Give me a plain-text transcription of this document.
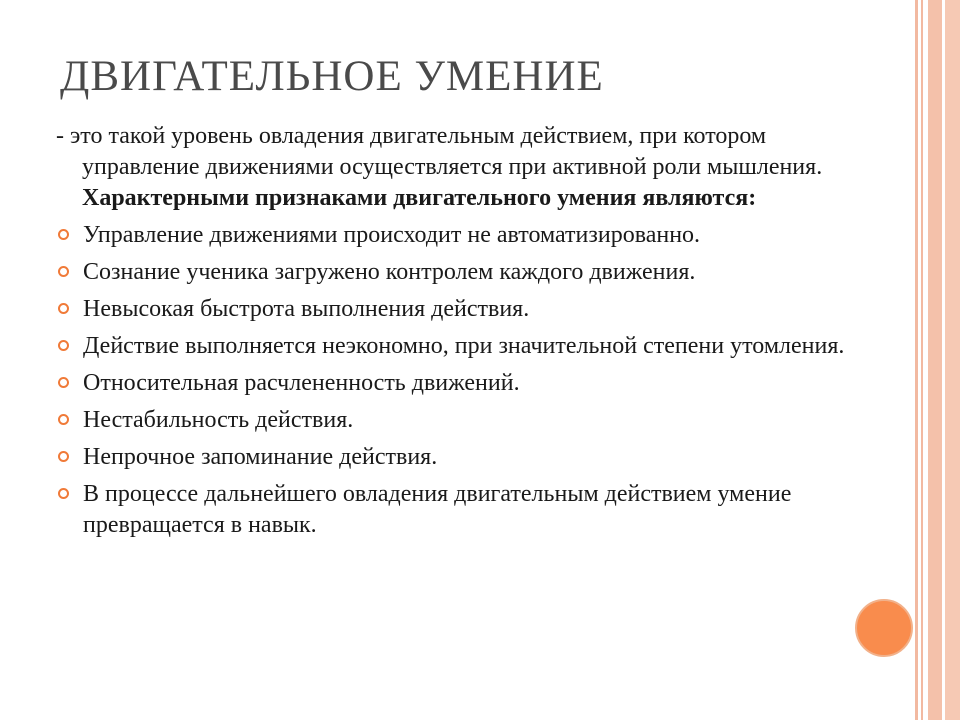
ДВИГАТЕЛЬНОЕ УМЕНИЕ

- это такой уровень овладения двигательным действием, при котором управление движениями осуществляется при активной роли мышления.

Характерными признаками двигательного умения являются:

Управление движениями происходит не автоматизированно.
Сознание ученика загружено контролем каждого движения.
Невысокая быстрота выполнения действия.
Действие выполняется неэкономно, при значительной степени утомления.
Относительная расчлененность движений.
Нестабильность действия.
Непрочное запоминание действия.
В процессе дальнейшего овладения двигательным действием умение превращается в навык.
